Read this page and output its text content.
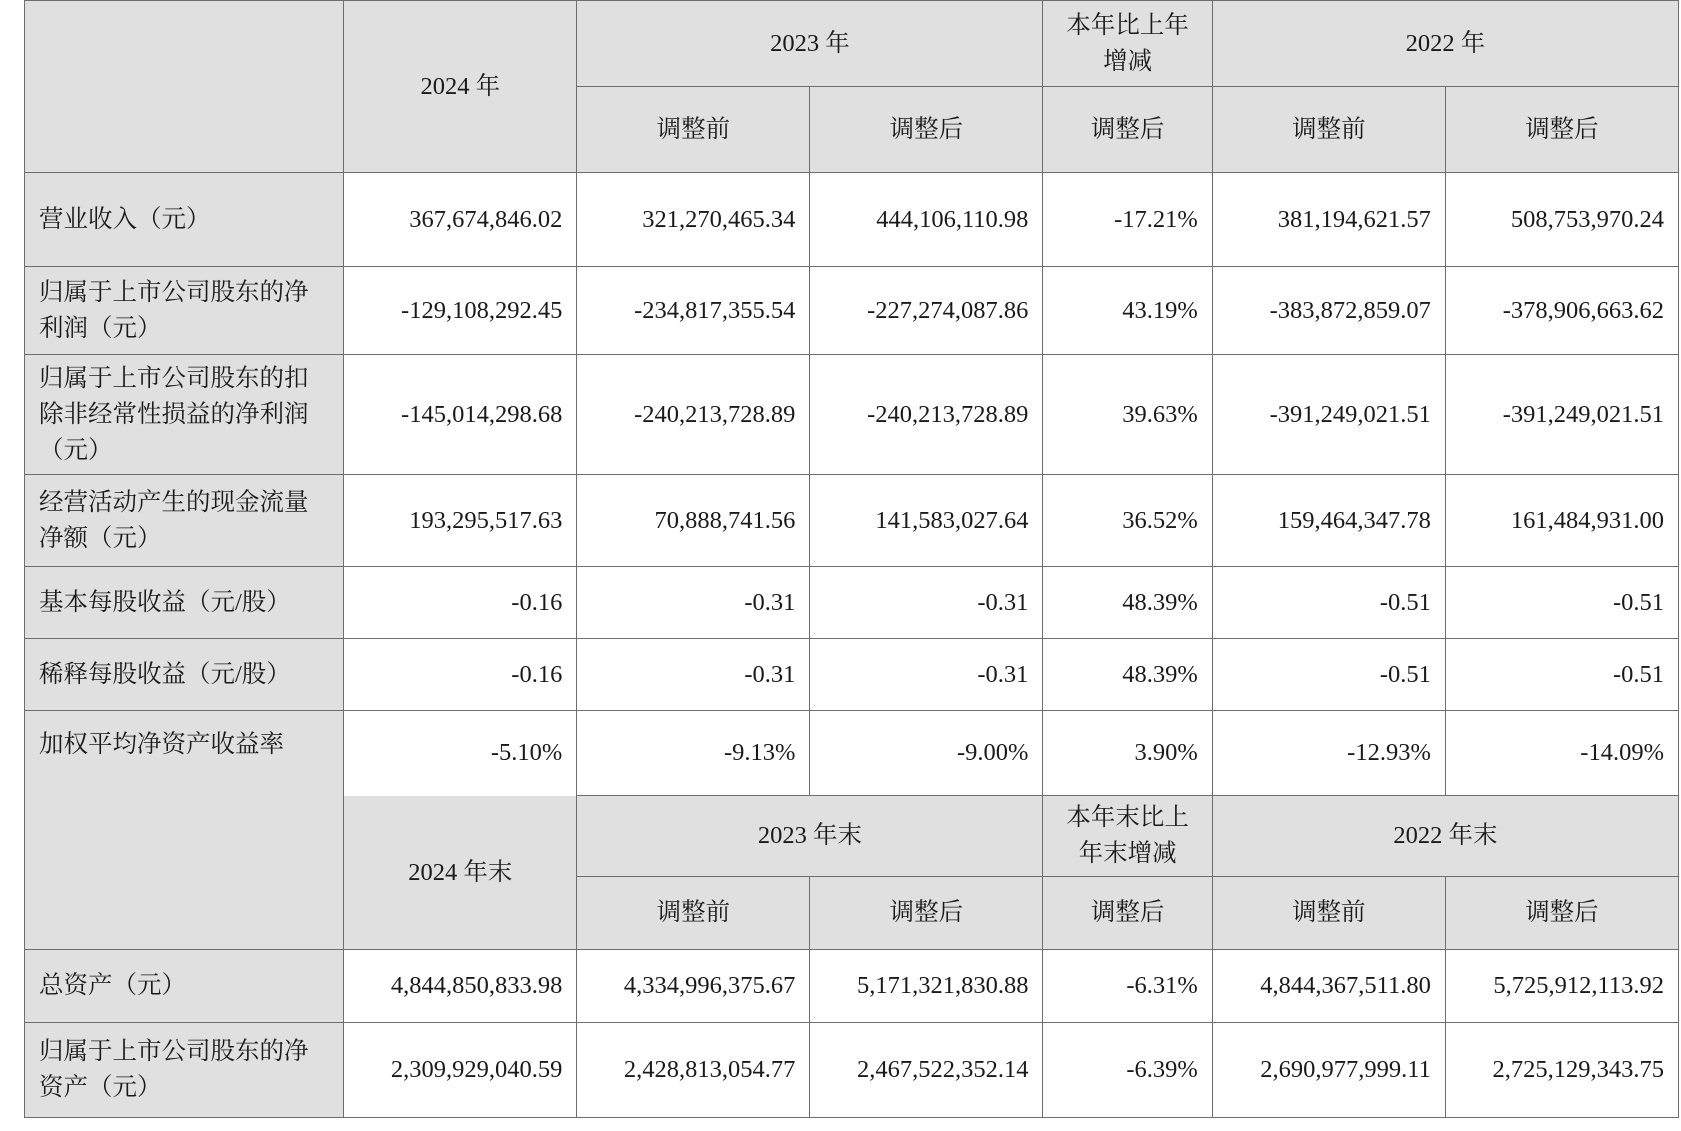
	2024 年	2023 年		本年比上年增减	2022 年	
		调整前	调整后	调整后	调整前	调整后
营业收入（元）	367,674,846.02	321,270,465.34	444,106,110.98	-17.21%	381,194,621.57	508,753,970.24
归属于上市公司股东的净利润（元）	-129,108,292.45	-234,817,355.54	-227,274,087.86	43.19%	-383,872,859.07	-378,906,663.62
归属于上市公司股东的扣除非经常性损益的净利润（元）	-145,014,298.68	-240,213,728.89	-240,213,728.89	39.63%	-391,249,021.51	-391,249,021.51
经营活动产生的现金流量净额（元）	193,295,517.63	70,888,741.56	141,583,027.64	36.52%	159,464,347.78	161,484,931.00
基本每股收益（元/股）	-0.16	-0.31	-0.31	48.39%	-0.51	-0.51
稀释每股收益（元/股）	-0.16	-0.31	-0.31	48.39%	-0.51	-0.51
加权平均净资产收益率	-5.10%	-9.13%	-9.00%	3.90%	-12.93%	-14.09%
	2024 年末	2023 年末		本年末比上年末增减	2022 年末	
		调整前	调整后	调整后	调整前	调整后
总资产（元）	4,844,850,833.98	4,334,996,375.67	5,171,321,830.88	-6.31%	4,844,367,511.80	5,725,912,113.92
归属于上市公司股东的净资产（元）	2,309,929,040.59	2,428,813,054.77	2,467,522,352.14	-6.39%	2,690,977,999.11	2,725,129,343.75
